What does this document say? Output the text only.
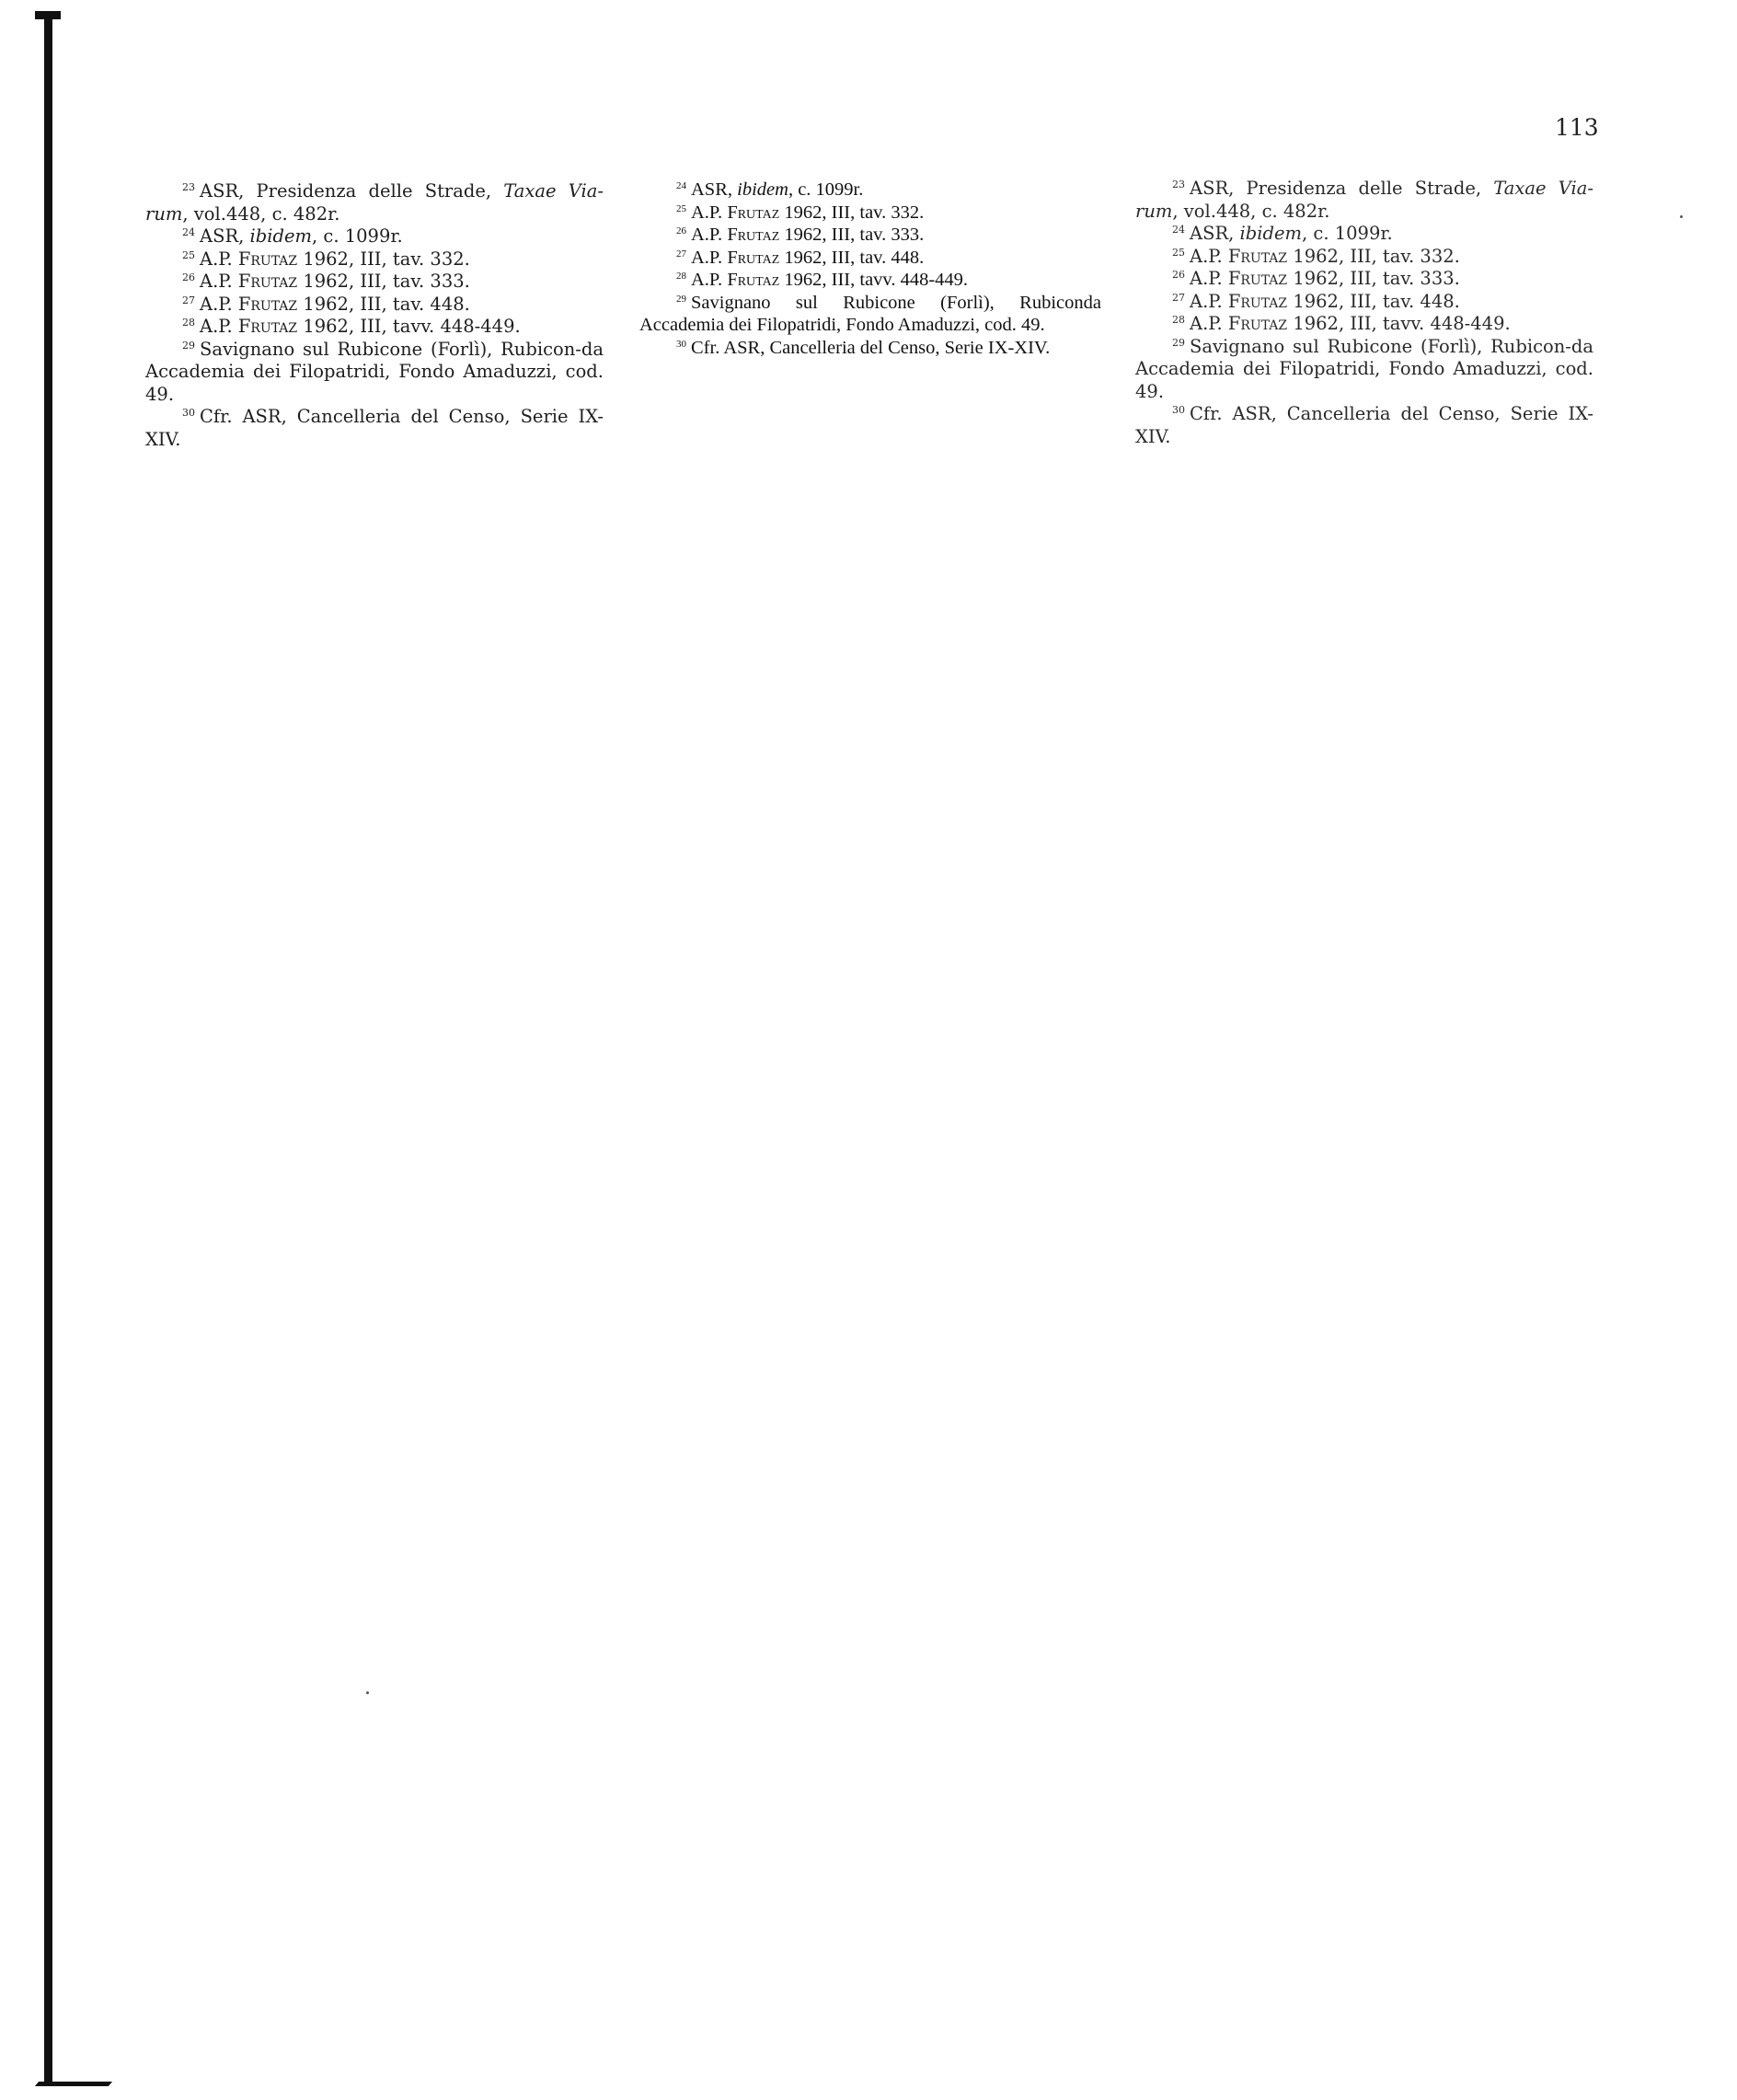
113

$^{23}$ ASR, Presidenza delle Strade, Taxae Via-rum, vol.448, c. 482r.

$^{24}$ ASR, ibidem, c. 1099r.

$^{25}$ A.P. Frutaz 1962, III, tav. 332.

$^{26}$ A.P. Frutaz 1962, III, tav. 333.

$^{27}$ A.P. Frutaz 1962, III, tav. 448.

$^{28}$ A.P. Frutaz 1962, III, tavv. 448-449.

$^{29}$ Savignano sul Rubicone (Forlì), Rubicon-da Accademia dei Filopatridi, Fondo Amaduzzi, cod. 49.

$^{30}$ Cfr. ASR, Cancelleria del Censo, Serie IX-XIV.

$^{24}$ ASR, ibidem, c. 1099r.

$^{25}$ A.P. Frutaz 1962, III, tav. 332.

$^{26}$ A.P. Frutaz 1962, III, tav. 333.

$^{27}$ A.P. Frutaz 1962, III, tav. 448.

$^{28}$ A.P. Frutaz 1962, III, tavv. 448-449.

$^{29}$ Savignano sul Rubicone (Forlì), Rubiconda Accademia dei Filopatridi, Fondo Amaduzzi, cod. 49.

$^{30}$ Cfr. ASR, Cancelleria del Censo, Serie IX-XIV.

$^{23}$ ASR, Presidenza delle Strade, Taxae Via-rum, vol.448, c. 482r.

$^{24}$ ASR, ibidem, c. 1099r.

$^{25}$ A.P. Frutaz 1962, III, tav. 332.

$^{26}$ A.P. Frutaz 1962, III, tav. 333.

$^{27}$ A.P. Frutaz 1962, III, tav. 448.

$^{28}$ A.P. Frutaz 1962, III, tavv. 448-449.

$^{29}$ Savignano sul Rubicone (Forlì), Rubicon-da Accademia dei Filopatridi, Fondo Amaduzzi, cod. 49.

$^{30}$ Cfr. ASR, Cancelleria del Censo, Serie IX-XIV.
